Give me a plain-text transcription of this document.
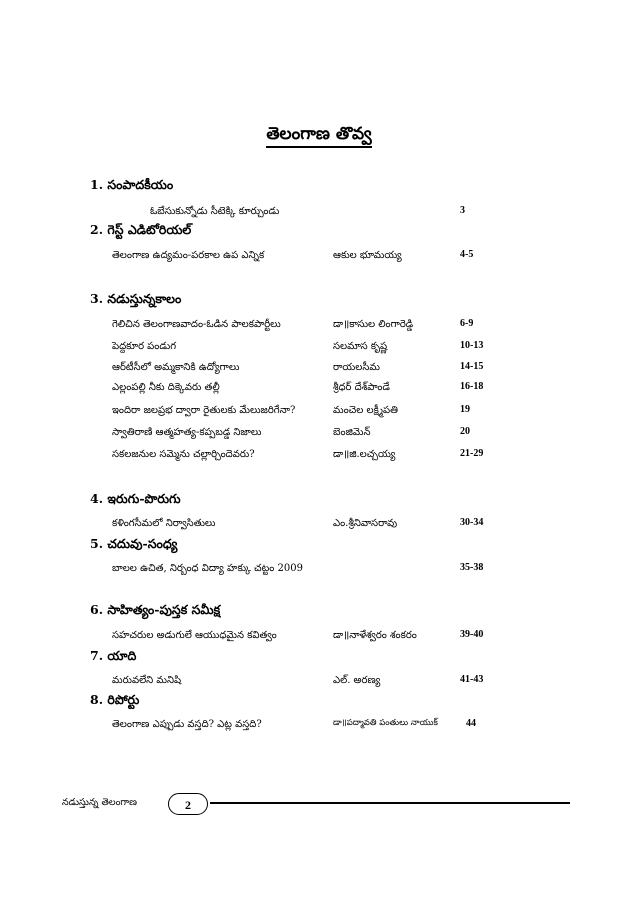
తెలంగాణ తొవ్వ
1. సంపాదకీయం
ఓబేసుకున్నోడు సీటెక్కి కూర్చుండు	3
2. గెస్ట్ ఎడిటోరియల్
తెలంగాణ ఉద్యమం-పరకాల ఉప ఎన్నిక	ఆకుల భూమయ్య	4-5
3. నడుస్తున్నకాలం
గెలిచిన తెలంగాణవాదం-ఓడిన పాలకపార్టీలు	డా॥కాసుల లింగారెడ్డి	6-9
పెద్దకూర పండుగ	సలమాస కృష్ణ	10-13
ఆర్‌టీసీలో అమ్మకానికి ఉద్యోగాలు	రాయలసీమ	14-15
ఎల్లంపల్లి నీకు దిక్కెవరు తల్లీ	శ్రీధర్ దేశ్‌పాండే	16-18
ఇందిరా జలప్రభ ద్వారా రైతులకు మేలుజరిగేనా?	మంచెల లక్ష్మీపతి	19
స్వాతిరాణి ఆత్మహత్య-కప్పబడ్డ నిజాలు	బెంజిమెన్	20
సకలజనుల సమ్మెను చల్లార్చిందెవరు?	డా॥జి.లచ్చయ్య	21-29
4. ఇరుగు-పొరుగు
కళింగసీమలో నిర్వాసితులు	ఎం.శ్రీనివాసరావు	30-34
5. చదువు-సంధ్య
బాలల ఉచిత, నిర్బంధ విద్యా హక్కు చట్టం 2009	35-38
6. సాహిత్యం-పుస్తక సమీక్ష
సహచరుల అడుగులే ఆయుధమైన కవిత్వం	డా॥నాళేశ్వరం శంకరం	39-40
7. యాది
మరువలేని మనిషి	ఎల్. అరణ్య	41-43
8. రిపోర్టు
తెలంగాణ ఎప్పుడు వస్తది? ఎట్ల వస్తది?	డా॥పద్మావతి పంతులు నాయుక్	44
నడుస్తున్న తెలంగాణ	2
